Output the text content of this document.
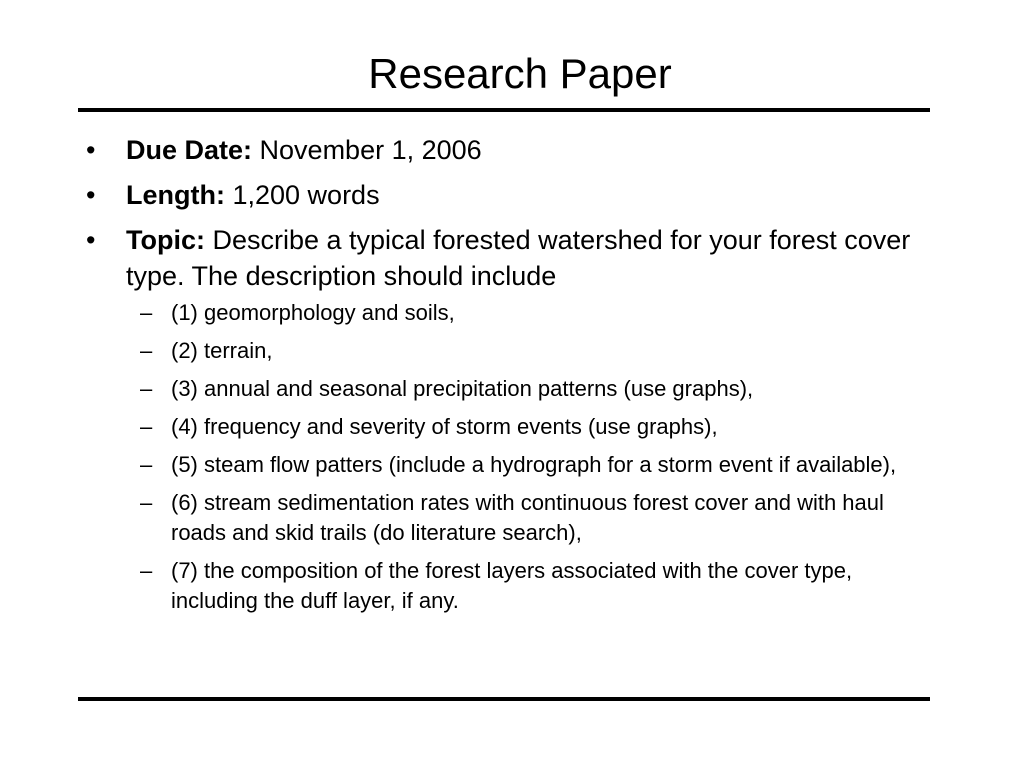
Research Paper
•	Due Date: November 1, 2006
•	Length: 1,200 words
•	Topic: Describe a typical forested watershed for your forest cover type. The description should include
– (1) geomorphology and soils,
– (2) terrain,
– (3) annual and seasonal precipitation patterns (use graphs),
– (4) frequency and severity of storm events (use graphs),
– (5) steam flow patters (include a hydrograph for a storm event if available),
– (6) stream sedimentation rates with continuous forest cover and with haul roads and skid trails (do literature search),
– (7) the composition of the forest layers associated with the cover type, including the duff layer, if any.
